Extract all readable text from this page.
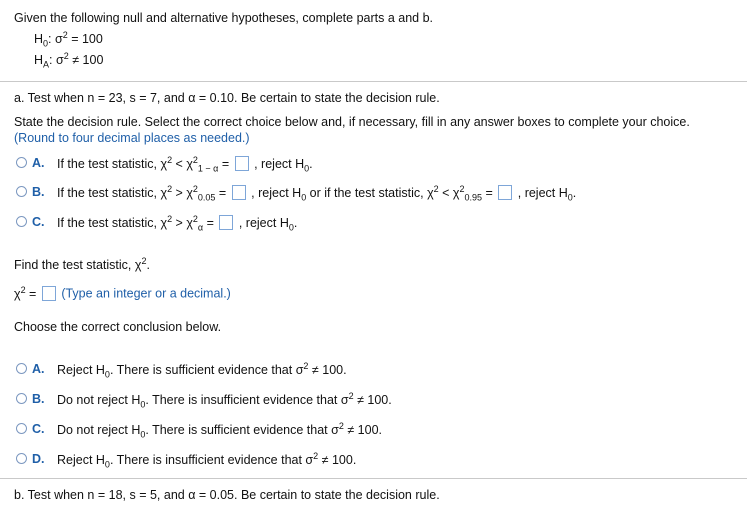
Given the following null and alternative hypotheses, complete parts a and b.
$H_0$: $\sigma^2 = 100$
$H_A$: $\sigma^2 \ne 100$
a. Test when n = 23, s = 7, and α = 0.10. Be certain to state the decision rule.
State the decision rule. Select the correct choice below and, if necessary, fill in any answer boxes to complete your choice.
(Round to four decimal places as needed.)
A. If the test statistic, $\chi^2 < \chi^2_{1 - \alpha}$ =  , reject $H_0$.
B. If the test statistic, $\chi^2 > \chi^2_{0.05}$ =  , reject $H_0$ or if the test statistic, $\chi^2 < \chi^2_{0.95}$ =  , reject $H_0$.
C. If the test statistic, $\chi^2 > \chi^2_\alpha$ =  , reject $H_0$.
Find the test statistic, $\chi^2$.
$\chi^2$ =  (Type an integer or a decimal.)
Choose the correct conclusion below.
A. Reject $H_0$. There is sufficient evidence that $\sigma^2 \ne 100$.
B. Do not reject $H_0$. There is insufficient evidence that $\sigma^2 \ne 100$.
C. Do not reject $H_0$. There is sufficient evidence that $\sigma^2 \ne 100$.
D. Reject $H_0$. There is insufficient evidence that $\sigma^2 \ne 100$.
b. Test when n = 18, s = 5, and α = 0.05. Be certain to state the decision rule.
